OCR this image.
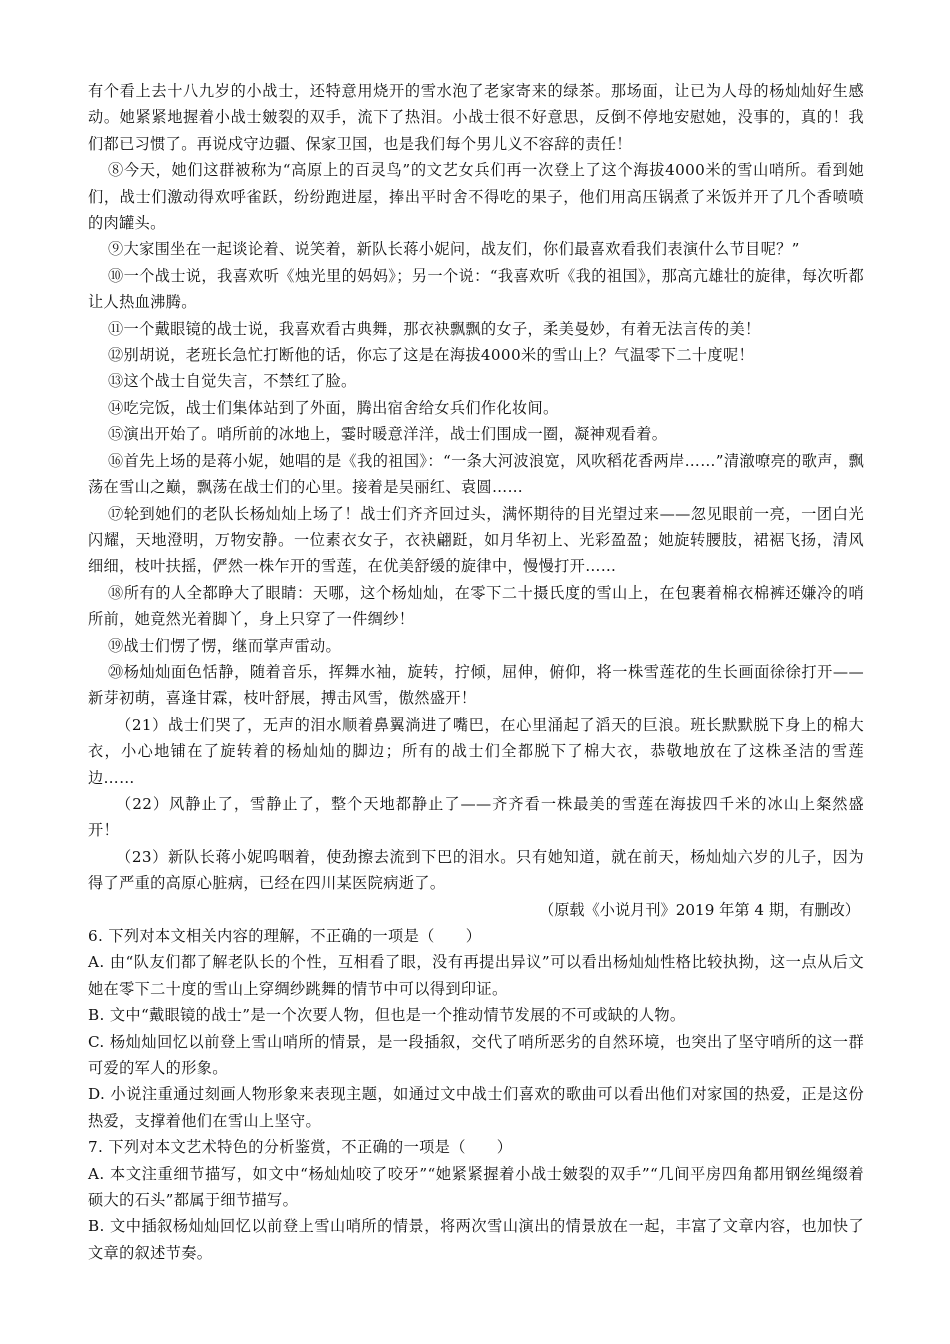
有个看上去十八九岁的小战士，还特意用烧开的雪水泡了老家寄来的绿茶。那场面，让已为人母的杨灿灿好生感动。她紧紧地握着小战士皴裂的双手，流下了热泪。小战士很不好意思，反倒不停地安慰她，没事的，真的！我们都已习惯了。再说戍守边疆、保家卫国，也是我们每个男儿义不容辞的责任！

⑧今天，她们这群被称为“高原上的百灵鸟”的文艺女兵们再一次登上了这个海拔4000米的雪山哨所。看到她们，战士们激动得欢呼雀跃，纷纷跑进屋，捧出平时舍不得吃的果子，他们用高压锅煮了米饭并开了几个香喷喷的肉罐头。

⑨大家围坐在一起谈论着、说笑着，新队长蒋小妮问，战友们，你们最喜欢看我们表演什么节目呢？”

⑩一个战士说，我喜欢听《烛光里的妈妈》；另一个说：“我喜欢听《我的祖国》，那高亢雄壮的旋律，每次听都让人热血沸腾。

⑪一个戴眼镜的战士说，我喜欢看古典舞，那衣袂飘飘的女子，柔美曼妙，有着无法言传的美！

⑫别胡说，老班长急忙打断他的话，你忘了这是在海拔4000米的雪山上？气温零下二十度呢！

⑬这个战士自觉失言，不禁红了脸。

⑭吃完饭，战士们集体站到了外面，腾出宿舍给女兵们作化妆间。

⑮演出开始了。哨所前的冰地上，霎时暖意洋洋，战士们围成一圈，凝神观看着。

⑯首先上场的是蒋小妮，她唱的是《我的祖国》：“一条大河波浪宽，风吹稻花香两岸……”清澈嘹亮的歌声，飘荡在雪山之巅，飘荡在战士们的心里。接着是吴丽红、袁圆……

⑰轮到她们的老队长杨灿灿上场了！战士们齐齐回过头，满怀期待的目光望过来——忽见眼前一亮，一团白光闪耀，天地澄明，万物安静。一位素衣女子，衣袂翩跹，如月华初上、光彩盈盈；她旋转腰肢，裙裾飞扬，清风细细，枝叶扶摇，俨然一株乍开的雪莲，在优美舒缓的旋律中，慢慢打开……

⑱所有的人全都睁大了眼睛：天哪，这个杨灿灿，在零下二十摄氏度的雪山上，在包裹着棉衣棉裤还嫌冷的哨所前，她竟然光着脚丫，身上只穿了一件绸纱！

⑲战士们愣了愣，继而掌声雷动。

⑳杨灿灿面色恬静，随着音乐，挥舞水袖，旋转，拧倾，屈伸，俯仰，将一株雪莲花的生长画面徐徐打开——新芽初萌，喜逢甘霖，枝叶舒展，搏击风雪，傲然盛开！

（21）战士们哭了，无声的泪水顺着鼻翼淌进了嘴巴，在心里涌起了滔天的巨浪。班长默默脱下身上的棉大衣，小心地铺在了旋转着的杨灿灿的脚边；所有的战士们全都脱下了棉大衣，恭敬地放在了这株圣洁的雪莲边……

（22）风静止了，雪静止了，整个天地都静止了——齐齐看一株最美的雪莲在海拔四千米的冰山上粲然盛开！

（23）新队长蒋小妮呜咽着，使劲擦去流到下巴的泪水。只有她知道，就在前天，杨灿灿六岁的儿子，因为得了严重的高原心脏病，已经在四川某医院病逝了。

（原载《小说月刊》2019 年第 4 期，有删改）

6. 下列对本文相关内容的理解，不正确的一项是（　　）

A. 由“队友们都了解老队长的个性，互相看了眼，没有再提出异议”可以看出杨灿灿性格比较执拗，这一点从后文她在零下二十度的雪山上穿绸纱跳舞的情节中可以得到印证。

B. 文中“戴眼镜的战士”是一个次要人物，但也是一个推动情节发展的不可或缺的人物。

C. 杨灿灿回忆以前登上雪山哨所的情景，是一段插叙，交代了哨所恶劣的自然环境，也突出了坚守哨所的这一群可爱的军人的形象。

D. 小说注重通过刻画人物形象来表现主题，如通过文中战士们喜欢的歌曲可以看出他们对家国的热爱，正是这份热爱，支撑着他们在雪山上坚守。

7. 下列对本文艺术特色的分析鉴赏，不正确的一项是（　　）

A. 本文注重细节描写，如文中“杨灿灿咬了咬牙”“她紧紧握着小战士皴裂的双手”“几间平房四角都用钢丝绳缀着硕大的石头”都属于细节描写。

B. 文中插叙杨灿灿回忆以前登上雪山哨所的情景，将两次雪山演出的情景放在一起，丰富了文章内容，也加快了文章的叙述节奏。
